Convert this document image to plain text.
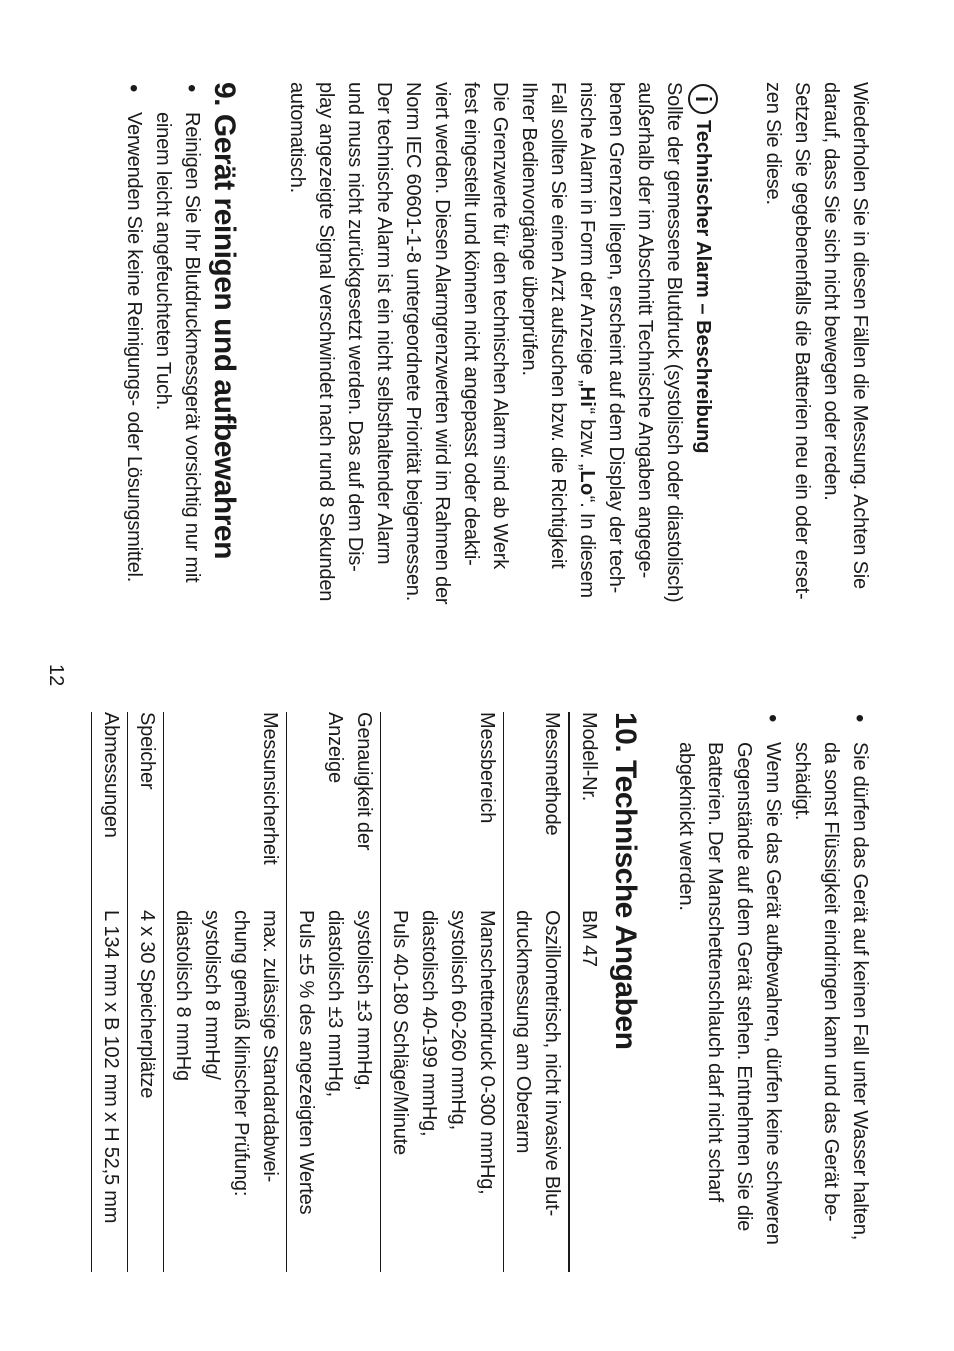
Wiederholen Sie in diesen Fällen die Messung. Achten Sie

darauf, dass Sie sich nicht bewegen oder reden.

Setzen Sie gegebenenfalls die Batterien neu ein oder erset-

zen Sie diese.

i
Technischer Alarm – Beschreibung

Sollte der gemessene Blutdruck (systolisch oder diastolisch)

außerhalb der im Abschnitt Technische Angaben angege-

benen Grenzen liegen, erscheint auf dem Display der tech-

nische Alarm in Form der Anzeige „Hi“ bzw. „Lo“. In diesem

Fall sollten Sie einen Arzt aufsuchen bzw. die Richtigkeit

Ihrer Bedienvorgänge überprüfen.

Die Grenzwerte für den technischen Alarm sind ab Werk

fest eingestellt und können nicht angepasst oder deakti-

viert werden. Diesen Alarmgrenzwerten wird im Rahmen der

Norm IEC 60601-1-8 untergeordnete Priorität beigemessen.

Der technische Alarm ist ein nicht selbsthaltender Alarm

und muss nicht zurückgesetzt werden. Das auf dem Dis-

play angezeigte Signal verschwindet nach rund 8 Sekunden

automatisch.

9. Gerät reinigen und aufbewahren
• Reinigen Sie Ihr Blutdruckmessgerät vorsichtig nur mit
einem leicht angefeuchteten Tuch.
• Verwenden Sie keine Reinigungs- oder Lösungsmittel.
• Sie dürfen das Gerät auf keinen Fall unter Wasser halten,
da sonst Flüssigkeit eindringen kann und das Gerät be-
schädigt.
• Wenn Sie das Gerät aufbewahren, dürfen keine schweren
Gegenstände auf dem Gerät stehen. Entnehmen Sie die
Batterien. Der Manschettenschlauch darf nicht scharf
abgeknickt werden.
10. Technische Angaben
Modell-Nr.	BM 47
Messmethode	Oszillometrisch, nicht invasive Blut-
druckmessung am Oberarm
Messbereich	Manschettendruck 0-300 mmHg,
systolisch 60-260 mmHg,
diastolisch 40-199 mmHg,
Puls 40-180 Schläge/Minute
Genauigkeit der
Anzeige	systolisch ±3 mmHg,
diastolisch ±3 mmHg,
Puls ±5 % des angezeigten Wertes
Messunsicherheit	max. zulässige Standardabwei-
chung gemäß klinischer Prüfung:
systolisch 8 mmHg/
diastolisch 8 mmHg
Speicher	4 x 30 Speicherplätze
Abmessungen	L 134 mm x B 102 mm x H 52,5 mm
12
